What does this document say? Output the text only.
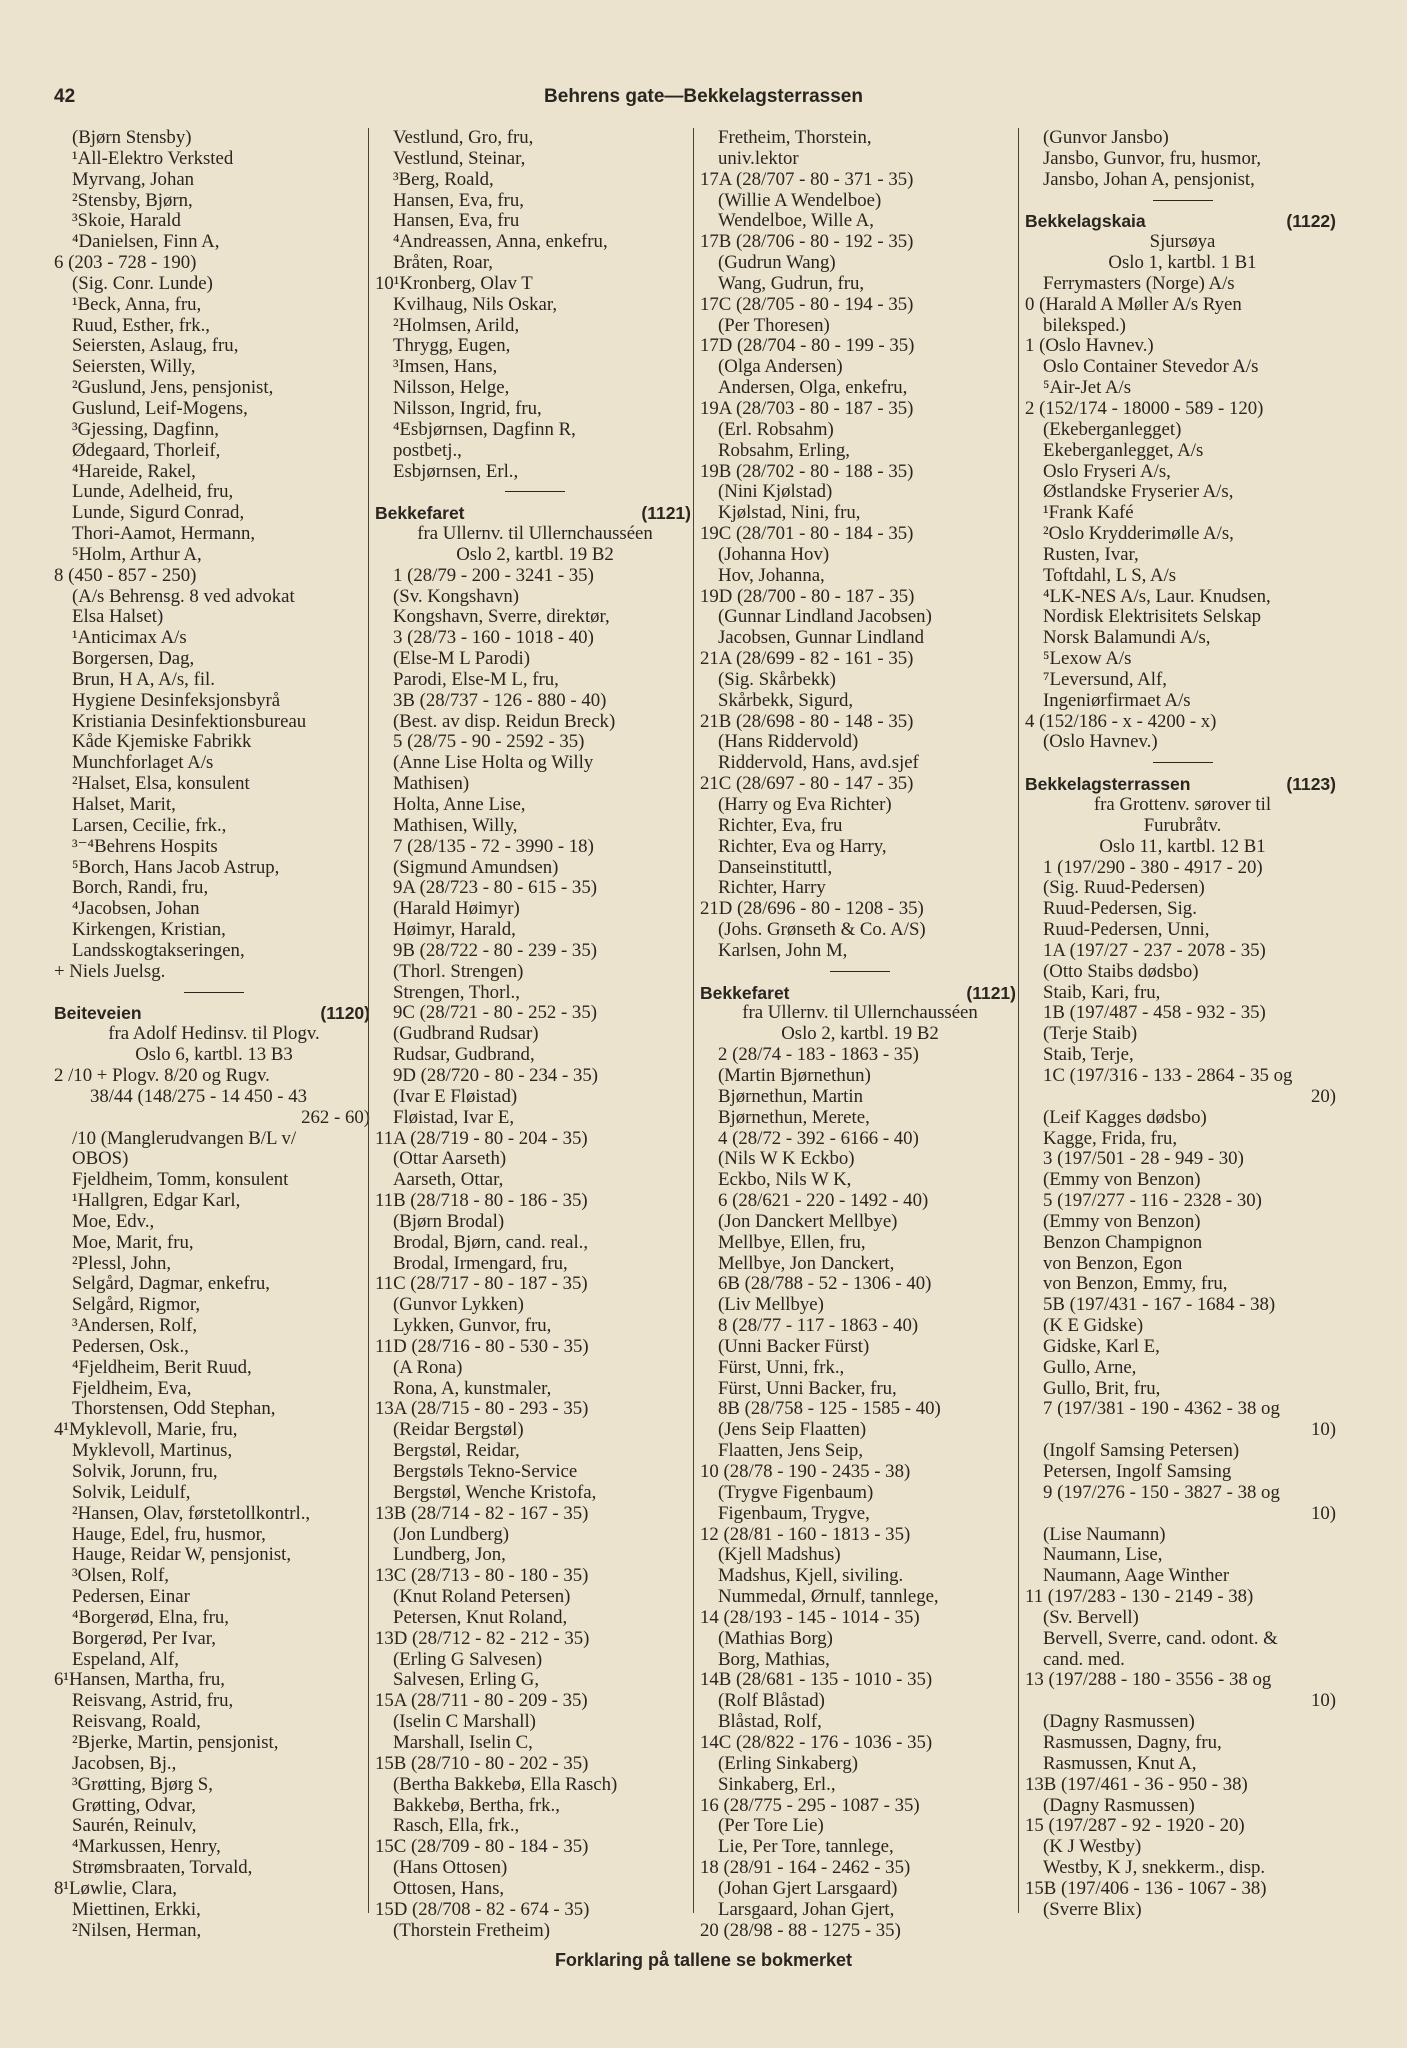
42	Behrens gate—Bekkelagsterrassen
(Bjørn Stensby)
¹All-Elektro Verksted
Myrvang, Johan
²Stensby, Bjørn,
³Skoie, Harald
⁴Danielsen, Finn A,
6 (203 - 728 - 190)
(Sig. Conr. Lunde)
¹Beck, Anna, fru,
Ruud, Esther, frk.,
Seiersten, Aslaug, fru,
Seiersten, Willy,
²Guslund, Jens, pensjonist,
Guslund, Leif-Mogens,
³Gjessing, Dagfinn,
Ødegaard, Thorleif,
⁴Hareide, Rakel,
Lunde, Adelheid, fru,
Lunde, Sigurd Conrad,
Thori-Aamot, Hermann,
⁵Holm, Arthur A,
8 (450 - 857 - 250)
(A/s Behrensg. 8 ved advokat
Elsa Halset)
¹Anticimax A/s
Borgersen, Dag,
Brun, H A, A/s, fil.
Hygiene Desinfeksjonsbyrå
Kristiania Desinfektionsbureau
Kåde Kjemiske Fabrikk
Munchforlaget A/s
²Halset, Elsa, konsulent
Halset, Marit,
Larsen, Cecilie, frk.,
³⁻⁴Behrens Hospits
⁵Borch, Hans Jacob Astrup,
Borch, Randi, fru,
⁴Jacobsen, Johan
Kirkengen, Kristian,
Landsskogtakseringen,
+ Niels Juelsg.
Beiteveien	(1120)
fra Adolf Hedinsv. til Plogv.
Oslo 6, kartbl. 13 B3
2 /10 + Plogv. 8/20 og Rugv.
38/44 (148/275 - 14 450 - 43
262 - 60)
/10 (Manglerudvangen B/L v/
OBOS)
Fjeldheim, Tomm, konsulent
¹Hallgren, Edgar Karl,
Moe, Edv.,
Moe, Marit, fru,
²Plessl, John,
Selgård, Dagmar, enkefru,
Selgård, Rigmor,
³Andersen, Rolf,
Pedersen, Osk.,
⁴Fjeldheim, Berit Ruud,
Fjeldheim, Eva,
Thorstensen, Odd Stephan,
4¹Myklevoll, Marie, fru,
Myklevoll, Martinus,
Solvik, Jorunn, fru,
Solvik, Leidulf,
²Hansen, Olav, førstetollkontrl.,
Hauge, Edel, fru, husmor,
Hauge, Reidar W, pensjonist,
³Olsen, Rolf,
Pedersen, Einar
⁴Borgerød, Elna, fru,
Borgerød, Per Ivar,
Espeland, Alf,
6¹Hansen, Martha, fru,
Reisvang, Astrid, fru,
Reisvang, Roald,
²Bjerke, Martin, pensjonist,
Jacobsen, Bj.,
³Grøtting, Bjørg S,
Grøtting, Odvar,
Saurén, Reinulv,
⁴Markussen, Henry,
Strømsbraaten, Torvald,
8¹Løwlie, Clara,
Miettinen, Erkki,
²Nilsen, Herman,
Vestlund, Gro, fru,
Vestlund, Steinar,
³Berg, Roald,
Hansen, Eva, fru,
Hansen, Eva, fru
⁴Andreassen, Anna, enkefru,
Bråten, Roar,
10¹Kronberg, Olav T
Kvilhaug, Nils Oskar,
²Holmsen, Arild,
Thrygg, Eugen,
³Imsen, Hans,
Nilsson, Helge,
Nilsson, Ingrid, fru,
⁴Esbjørnsen, Dagfinn R,
postbetj.,
Esbjørnsen, Erl.,
Bekkefaret	(1121)
fra Ullernv. til Ullernchausséen
Oslo 2, kartbl. 19 B2
1 (28/79 - 200 - 3241 - 35)
(Sv. Kongshavn)
Kongshavn, Sverre, direktør,
3 (28/73 - 160 - 1018 - 40)
(Else-M L Parodi)
Parodi, Else-M L, fru,
3B (28/737 - 126 - 880 - 40)
(Best. av disp. Reidun Breck)
5 (28/75 - 90 - 2592 - 35)
(Anne Lise Holta og Willy
Mathisen)
Holta, Anne Lise,
Mathisen, Willy,
7 (28/135 - 72 - 3990 - 18)
(Sigmund Amundsen)
9A (28/723 - 80 - 615 - 35)
(Harald Høimyr)
Høimyr, Harald,
9B (28/722 - 80 - 239 - 35)
(Thorl. Strengen)
Strengen, Thorl.,
9C (28/721 - 80 - 252 - 35)
(Gudbrand Rudsar)
Rudsar, Gudbrand,
9D (28/720 - 80 - 234 - 35)
(Ivar E Fløistad)
Fløistad, Ivar E,
11A (28/719 - 80 - 204 - 35)
(Ottar Aarseth)
Aarseth, Ottar,
11B (28/718 - 80 - 186 - 35)
(Bjørn Brodal)
Brodal, Bjørn, cand. real.,
Brodal, Irmengard, fru,
11C (28/717 - 80 - 187 - 35)
(Gunvor Lykken)
Lykken, Gunvor, fru,
11D (28/716 - 80 - 530 - 35)
(A Rona)
Rona, A, kunstmaler,
13A (28/715 - 80 - 293 - 35)
(Reidar Bergstøl)
Bergstøl, Reidar,
Bergstøls Tekno-Service
Bergstøl, Wenche Kristofa,
13B (28/714 - 82 - 167 - 35)
(Jon Lundberg)
Lundberg, Jon,
13C (28/713 - 80 - 180 - 35)
(Knut Roland Petersen)
Petersen, Knut Roland,
13D (28/712 - 82 - 212 - 35)
(Erling G Salvesen)
Salvesen, Erling G,
15A (28/711 - 80 - 209 - 35)
(Iselin C Marshall)
Marshall, Iselin C,
15B (28/710 - 80 - 202 - 35)
(Bertha Bakkebø, Ella Rasch)
Bakkebø, Bertha, frk.,
Rasch, Ella, frk.,
15C (28/709 - 80 - 184 - 35)
(Hans Ottosen)
Ottosen, Hans,
15D (28/708 - 82 - 674 - 35)
(Thorstein Fretheim)
Fretheim, Thorstein,
univ.lektor
17A (28/707 - 80 - 371 - 35)
(Willie A Wendelboe)
Wendelboe, Wille A,
17B (28/706 - 80 - 192 - 35)
(Gudrun Wang)
Wang, Gudrun, fru,
17C (28/705 - 80 - 194 - 35)
(Per Thoresen)
17D (28/704 - 80 - 199 - 35)
(Olga Andersen)
Andersen, Olga, enkefru,
19A (28/703 - 80 - 187 - 35)
(Erl. Robsahm)
Robsahm, Erling,
19B (28/702 - 80 - 188 - 35)
(Nini Kjølstad)
Kjølstad, Nini, fru,
19C (28/701 - 80 - 184 - 35)
(Johanna Hov)
Hov, Johanna,
19D (28/700 - 80 - 187 - 35)
(Gunnar Lindland Jacobsen)
Jacobsen, Gunnar Lindland
21A (28/699 - 82 - 161 - 35)
(Sig. Skårbekk)
Skårbekk, Sigurd,
21B (28/698 - 80 - 148 - 35)
(Hans Riddervold)
Riddervold, Hans, avd.sjef
21C (28/697 - 80 - 147 - 35)
(Harry og Eva Richter)
Richter, Eva, fru
Richter, Eva og Harry,
Danseinstituttl,
Richter, Harry
21D (28/696 - 80 - 1208 - 35)
(Johs. Grønseth & Co. A/S)
Karlsen, John M,
Bekkefaret	(1121)
fra Ullernv. til Ullernchausséen
Oslo 2, kartbl. 19 B2
2 (28/74 - 183 - 1863 - 35)
(Martin Bjørnethun)
Bjørnethun, Martin
Bjørnethun, Merete,
4 (28/72 - 392 - 6166 - 40)
(Nils W K Eckbo)
Eckbo, Nils W K,
6 (28/621 - 220 - 1492 - 40)
(Jon Danckert Mellbye)
Mellbye, Ellen, fru,
Mellbye, Jon Danckert,
6B (28/788 - 52 - 1306 - 40)
(Liv Mellbye)
8 (28/77 - 117 - 1863 - 40)
(Unni Backer Fürst)
Fürst, Unni, frk.,
Fürst, Unni Backer, fru,
8B (28/758 - 125 - 1585 - 40)
(Jens Seip Flaatten)
Flaatten, Jens Seip,
10 (28/78 - 190 - 2435 - 38)
(Trygve Figenbaum)
Figenbaum, Trygve,
12 (28/81 - 160 - 1813 - 35)
(Kjell Madshus)
Madshus, Kjell, siviling.
Nummedal, Ørnulf, tannlege,
14 (28/193 - 145 - 1014 - 35)
(Mathias Borg)
Borg, Mathias,
14B (28/681 - 135 - 1010 - 35)
(Rolf Blåstad)
Blåstad, Rolf,
14C (28/822 - 176 - 1036 - 35)
(Erling Sinkaberg)
Sinkaberg, Erl.,
16 (28/775 - 295 - 1087 - 35)
(Per Tore Lie)
Lie, Per Tore, tannlege,
18 (28/91 - 164 - 2462 - 35)
(Johan Gjert Larsgaard)
Larsgaard, Johan Gjert,
20 (28/98 - 88 - 1275 - 35)
(Gunvor Jansbo)
Jansbo, Gunvor, fru, husmor,
Jansbo, Johan A, pensjonist,
Bekkelagskaia	(1122)
Sjursøya
Oslo 1, kartbl. 1 B1
Ferrymasters (Norge) A/s
0 (Harald A Møller A/s Ryen
bileksped.)
1 (Oslo Havnev.)
Oslo Container Stevedor A/s
⁵Air-Jet A/s
2 (152/174 - 18000 - 589 - 120)
(Ekeberganlegget)
Ekeberganlegget, A/s
Oslo Fryseri A/s,
Østlandske Fryserier A/s,
¹Frank Kafé
²Oslo Krydderimølle A/s,
Rusten, Ivar,
Toftdahl, L S, A/s
⁴LK-NES A/s, Laur. Knudsen,
Nordisk Elektrisitets Selskap
Norsk Balamundi A/s,
⁵Lexow A/s
⁷Leversund, Alf,
Ingeniørfirmaet A/s
4 (152/186 - x - 4200 - x)
(Oslo Havnev.)
Bekkelagsterrassen	(1123)
fra Grottenv. sørover til
Furubråtv.
Oslo 11, kartbl. 12 B1
1 (197/290 - 380 - 4917 - 20)
(Sig. Ruud-Pedersen)
Ruud-Pedersen, Sig.
Ruud-Pedersen, Unni,
1A (197/27 - 237 - 2078 - 35)
(Otto Staibs dødsbo)
Staib, Kari, fru,
1B (197/487 - 458 - 932 - 35)
(Terje Staib)
Staib, Terje,
1C (197/316 - 133 - 2864 - 35 og
20)
(Leif Kagges dødsbo)
Kagge, Frida, fru,
3 (197/501 - 28 - 949 - 30)
(Emmy von Benzon)
5 (197/277 - 116 - 2328 - 30)
(Emmy von Benzon)
Benzon Champignon
von Benzon, Egon
von Benzon, Emmy, fru,
5B (197/431 - 167 - 1684 - 38)
(K E Gidske)
Gidske, Karl E,
Gullo, Arne,
Gullo, Brit, fru,
7 (197/381 - 190 - 4362 - 38 og
10)
(Ingolf Samsing Petersen)
Petersen, Ingolf Samsing
9 (197/276 - 150 - 3827 - 38 og
10)
(Lise Naumann)
Naumann, Lise,
Naumann, Aage Winther
11 (197/283 - 130 - 2149 - 38)
(Sv. Bervell)
Bervell, Sverre, cand. odont. &
cand. med.
13 (197/288 - 180 - 3556 - 38 og
10)
(Dagny Rasmussen)
Rasmussen, Dagny, fru,
Rasmussen, Knut A,
13B (197/461 - 36 - 950 - 38)
(Dagny Rasmussen)
15 (197/287 - 92 - 1920 - 20)
(K J Westby)
Westby, K J, snekkerm., disp.
15B (197/406 - 136 - 1067 - 38)
(Sverre Blix)
Forklaring på tallene se bokmerket
